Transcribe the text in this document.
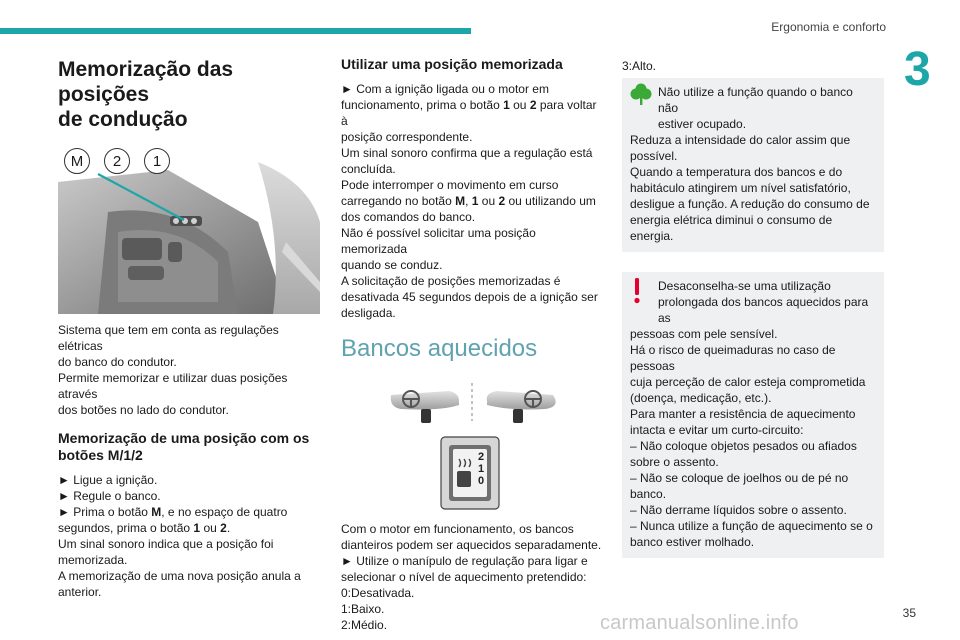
Ergonomia e conforto
3
Memorização das posições
de condução
M	2	1

Sistema que tem em conta as regulações elétricas
do banco do condutor.
Permite memorizar e utilizar duas posições através
dos botões no lado do condutor.

Memorização de uma posição com os
botões M/1/2

► Ligue a ignição.
► Regule o banco.
► Prima o botão M, e no espaço de quatro
segundos, prima o botão 1 ou 2.
Um sinal sonoro indica que a posição foi
memorizada.
A memorização de uma nova posição anula a
anterior.

Utilizar uma posição memorizada

► Com a ignição ligada ou o motor em
funcionamento, prima o botão 1 ou 2 para voltar à
posição correspondente.
Um sinal sonoro confirma que a regulação está
concluída.
Pode interromper o movimento em curso
carregando no botão M, 1 ou 2 ou utilizando um
dos comandos do banco.
Não é possível solicitar uma posição memorizada
quando se conduz.
A solicitação de posições memorizadas é
desativada 45 segundos depois de a ignição ser
desligada.

Bancos aquecidos
2
1
0

Com o motor em funcionamento, os bancos
dianteiros podem ser aquecidos separadamente.
► Utilize o manípulo de regulação para ligar e
selecionar o nível de aquecimento pretendido:
0:Desativada.
1:Baixo.
2:Médio.

3:Alto.

Não utilize a função quando o banco não
estiver ocupado.

Reduza a intensidade do calor assim que
possível.
Quando a temperatura dos bancos e do
habitáculo atingirem um nível satisfatório,
desligue a função. A redução do consumo de
energia elétrica diminui o consumo de energia.

Desaconselha-se uma utilização
prolongada dos bancos aquecidos para as

pessoas com pele sensível.
Há o risco de queimaduras no caso de pessoas
cuja perceção de calor esteja comprometida
(doença, medicação, etc.).
Para manter a resistência de aquecimento
intacta e evitar um curto-circuito:
– Não coloque objetos pesados ou afiados
sobre o assento.
– Não se coloque de joelhos ou de pé no
banco.
– Não derrame líquidos sobre o assento.
– Nunca utilize a função de aquecimento se o
banco estiver molhado.

35
carmanualsonline.info
